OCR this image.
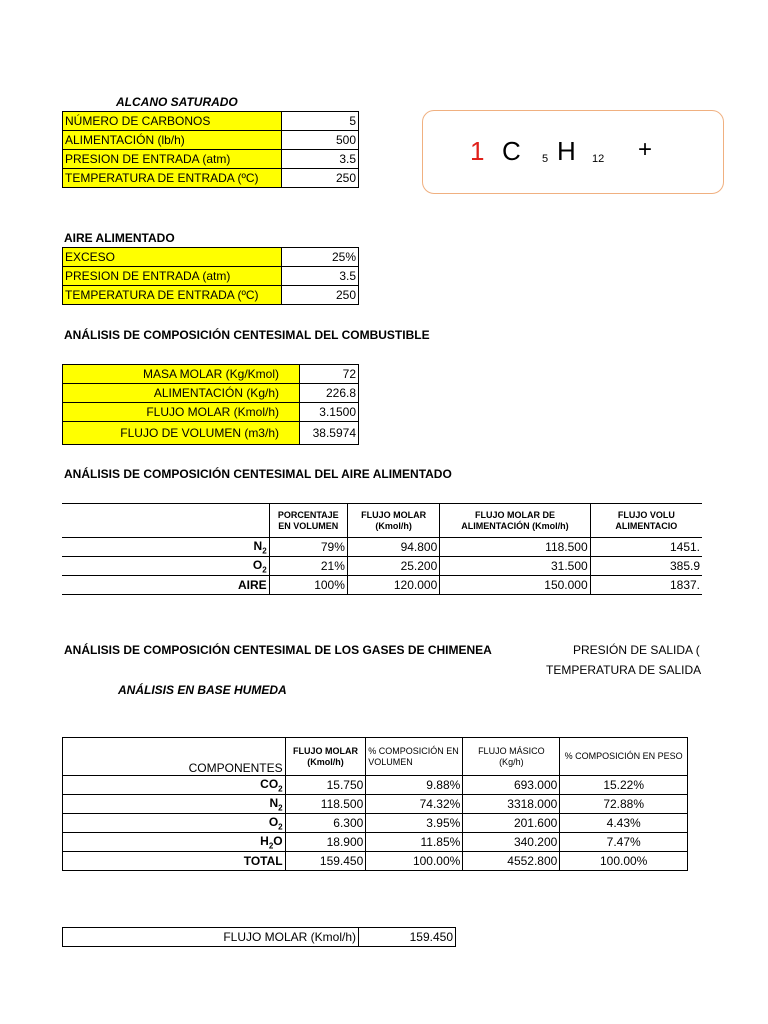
ALCANO SATURADO
NÚMERO DE CARBONOS	5
ALIMENTACIÓN (lb/h)	500
PRESION DE ENTRADA (atm)	3.5
TEMPERATURA DE ENTRADA (ºC)	250
1 C 5 H 12 +
AIRE ALIMENTADO
EXCESO	25%
PRESION DE ENTRADA (atm)	3.5
TEMPERATURA DE ENTRADA (ºC)	250
ANÁLISIS DE COMPOSICIÓN CENTESIMAL DEL COMBUSTIBLE
MASA MOLAR (Kg/Kmol)	72
ALIMENTACIÓN (Kg/h)	226.8
FLUJO MOLAR (Kmol/h)	3.1500
FLUJO DE VOLUMEN (m3/h)	38.5974
ANÁLISIS DE COMPOSICIÓN CENTESIMAL DEL AIRE ALIMENTADO
	PORCENTAJE EN VOLUMEN	FLUJO MOLAR (Kmol/h)	FLUJO MOLAR DE ALIMENTACIÓN (Kmol/h)	FLUJO VOLU ALIMENTACIO
$N_2$	79%	94.800	118.500	1451.
$O_2$	21%	25.200	31.500	385.9
AIRE	100%	120.000	150.000	1837.
ANÁLISIS DE COMPOSICIÓN CENTESIMAL DE LOS GASES DE CHIMENEA	PRESIÓN DE SALIDA (
TEMPERATURA DE SALIDA
ANÁLISIS EN BASE HUMEDA
COMPONENTES	FLUJO MOLAR (Kmol/h)	% COMPOSICIÓN EN VOLUMEN	FLUJO MÁSICO (Kg/h)	% COMPOSICIÓN EN PESO
$CO_2$	15.750	9.88%	693.000	15.22%
$N_2$	118.500	74.32%	3318.000	72.88%
$O_2$	6.300	3.95%	201.600	4.43%
$H_2O$	18.900	11.85%	340.200	7.47%
TOTAL	159.450	100.00%	4552.800	100.00%
FLUJO MOLAR (Kmol/h)	159.450
